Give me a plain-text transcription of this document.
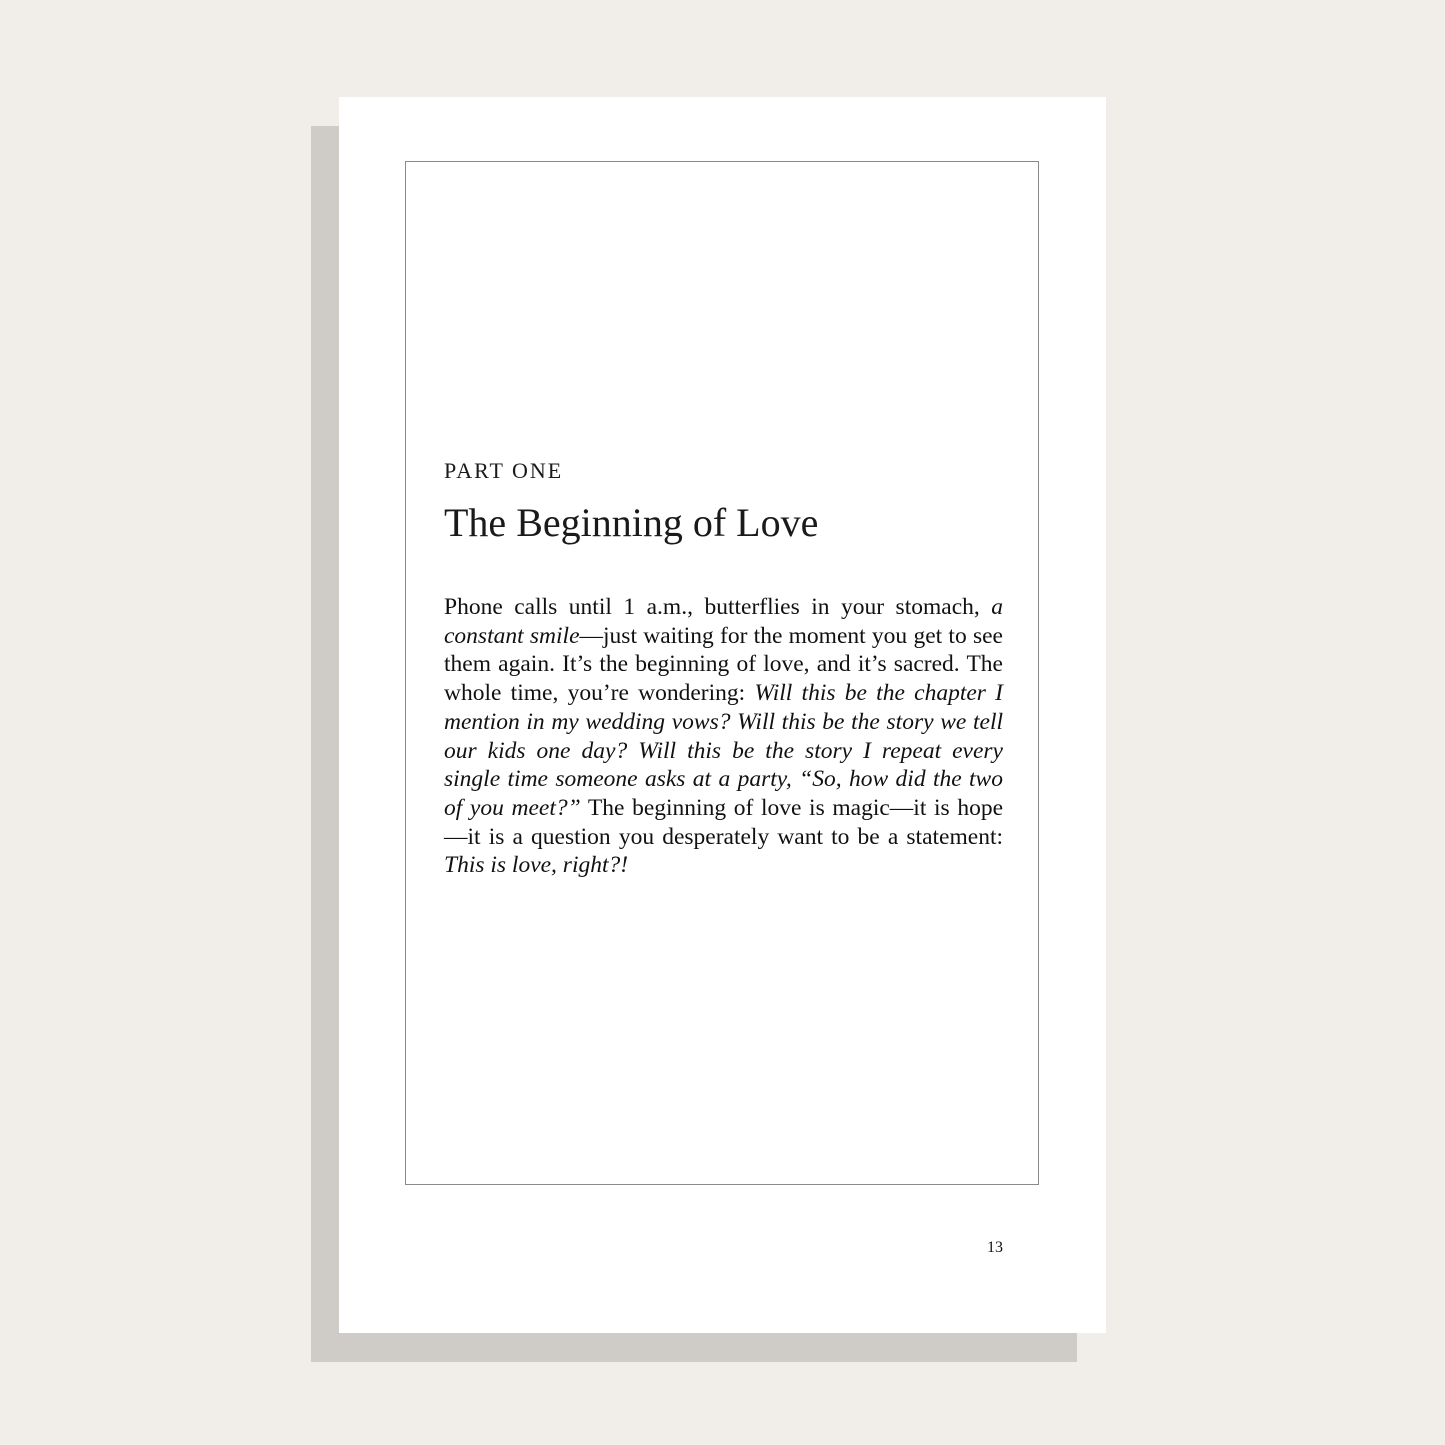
PART ONE
The Beginning of Love

Phone calls until 1 a.m., butterflies in your stomach, a constant smile—just waiting for the moment you get to see them again. It’s the beginning of love, and it’s sacred. The whole time, you’re wondering: Will this be the chapter I mention in my wedding vows? Will this be the story we tell our kids one day? Will this be the story I repeat every single time someone asks at a party, “So, how did the two of you meet?” The beginning of love is magic—it is hope—it is a question you desperately want to be a statement: This is love, right?!

13
